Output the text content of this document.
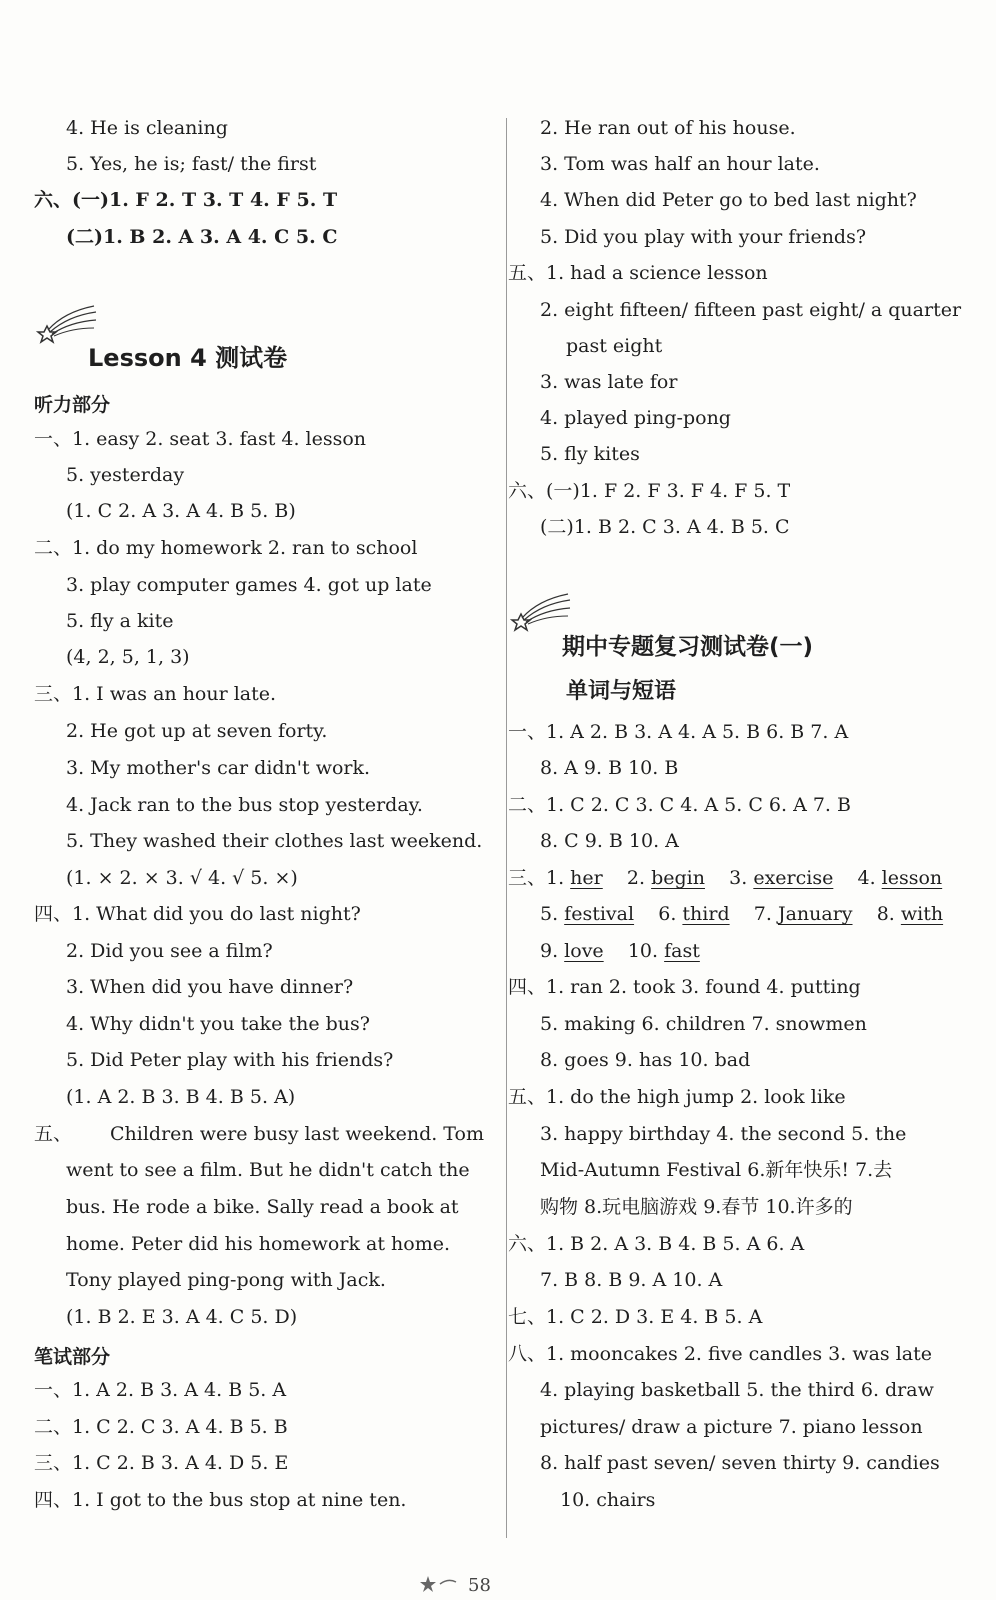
4. He is cleaning
5. Yes, he is; fast/ the first
六、(一)1. F 2. T 3. T 4. F 5. T
(二)1. B 2. A 3. A 4. C 5. C
Lesson 4 测试卷
听力部分
一、1. easy 2. seat 3. fast 4. lesson
5. yesterday
(1. C 2. A 3. A 4. B 5. B)
二、1. do my homework 2. ran to school
3. play computer games 4. got up late
5. fly a kite
(4, 2, 5, 1, 3)
三、1. I was an hour late.
2. He got up at seven forty.
3. My mother's car didn't work.
4. Jack ran to the bus stop yesterday.
5. They washed their clothes last weekend.
(1. × 2. × 3. √ 4. √ 5. ×)
四、1. What did you do last night?
2. Did you see a film?
3. When did you have dinner?
4. Why didn't you take the bus?
5. Did Peter play with his friends?
(1. A 2. B 3. B 4. B 5. A)
五、 Children were busy last weekend. Tom
went to see a film. But he didn't catch the
bus. He rode a bike. Sally read a book at
home. Peter did his homework at home.
Tony played ping-pong with Jack.
(1. B 2. E 3. A 4. C 5. D)
笔试部分
一、1. A 2. B 3. A 4. B 5. A
二、1. C 2. C 3. A 4. B 5. B
三、1. C 2. B 3. A 4. D 5. E
四、1. I got to the bus stop at nine ten.
2. He ran out of his house.
3. Tom was half an hour late.
4. When did Peter go to bed last night?
5. Did you play with your friends?
五、1. had a science lesson
2. eight fifteen/ fifteen past eight/ a quarter
past eight
3. was late for
4. played ping-pong
5. fly kites
六、(一)1. F 2. F 3. F 4. F 5. T
(二)1. B 2. C 3. A 4. B 5. C
期中专题复习测试卷(一)
单词与短语
一、1. A 2. B 3. A 4. A 5. B 6. B 7. A
8. A 9. B 10. B
二、1. C 2. C 3. C 4. A 5. C 6. A 7. B
8. C 9. B 10. A
三、1. her 2. begin 3. exercise 4. lesson
5. festival 6. third 7. January 8. with
9. love 10. fast
四、1. ran 2. took 3. found 4. putting
5. making 6. children 7. snowmen
8. goes 9. has 10. bad
五、1. do the high jump 2. look like
3. happy birthday 4. the second 5. the
Mid-Autumn Festival 6.新年快乐! 7.去
购物 8.玩电脑游戏 9.春节 10.许多的
六、1. B 2. A 3. B 4. B 5. A 6. A
7. B 8. B 9. A 10. A
七、1. C 2. D 3. E 4. B 5. A
八、1. mooncakes 2. five candles 3. was late
4. playing basketball 5. the third 6. draw
pictures/ draw a picture 7. piano lesson
8. half past seven/ seven thirty 9. candies
10. chairs
58
